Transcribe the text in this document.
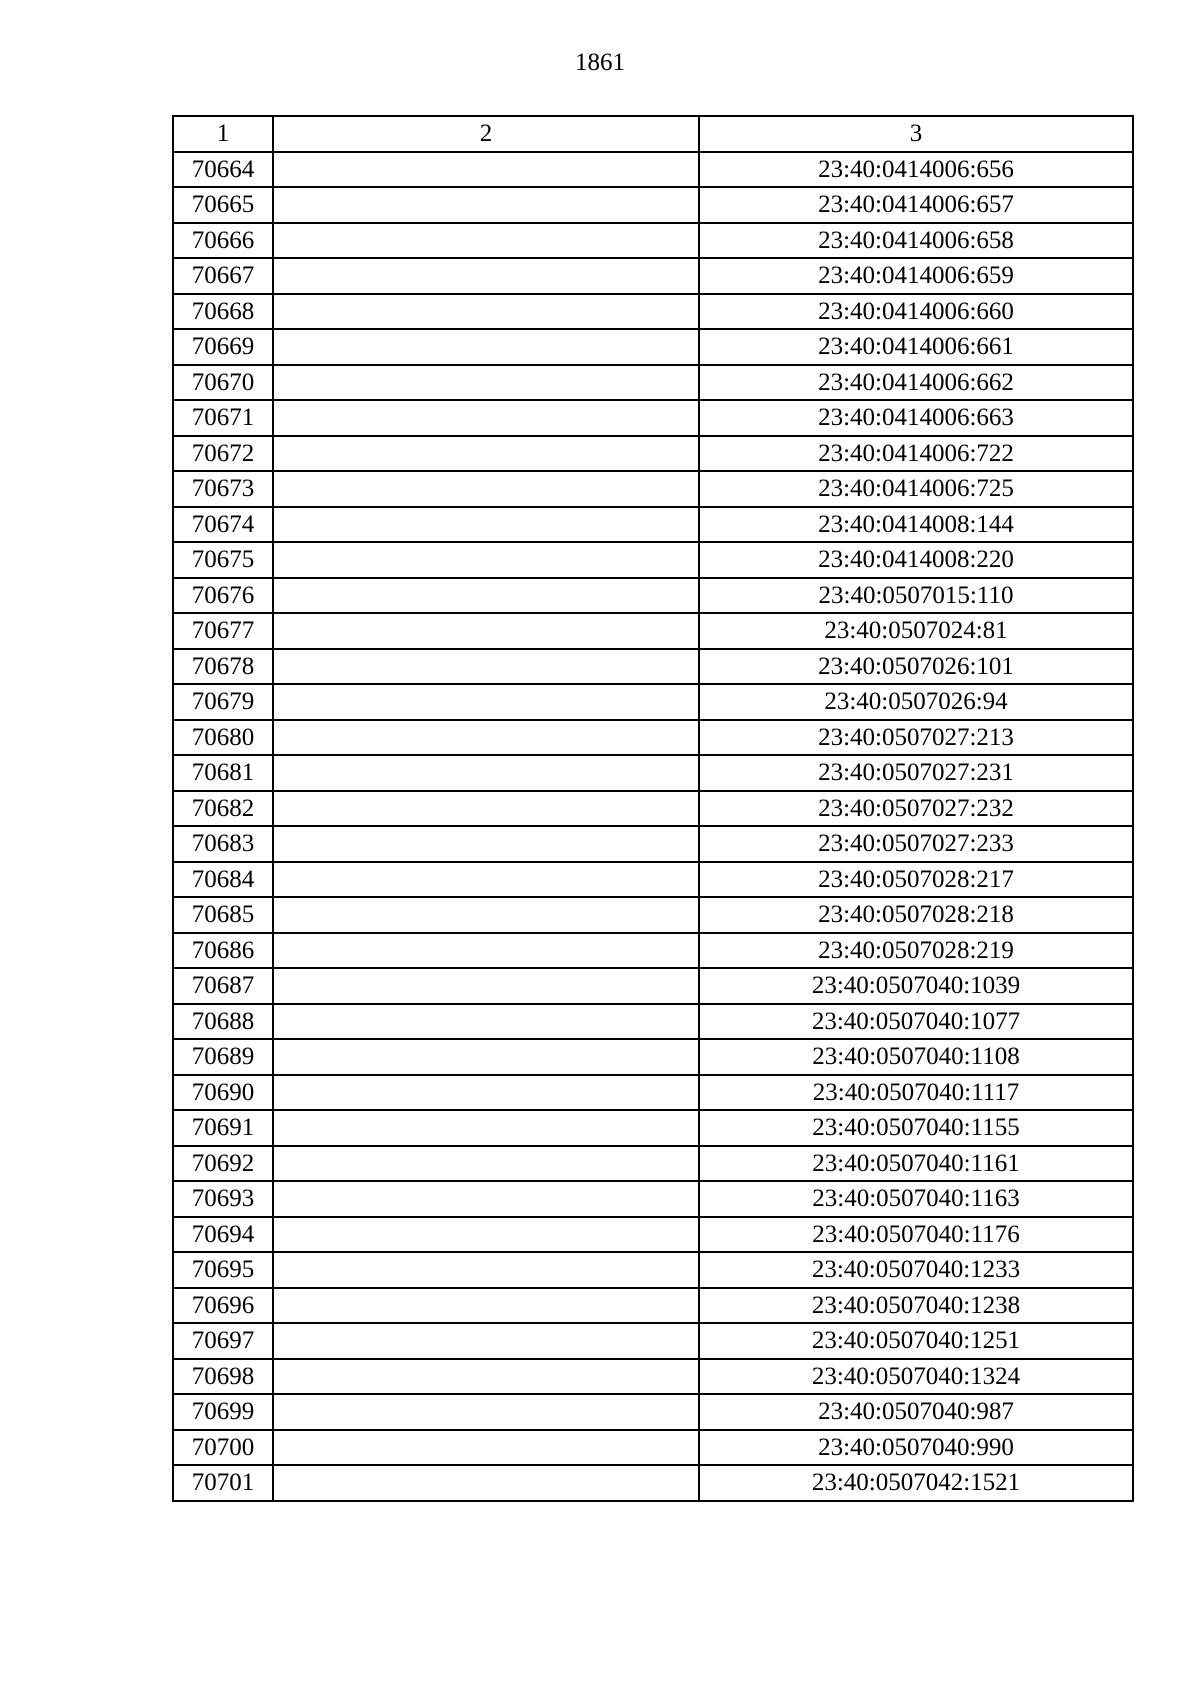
1861
1	2	3
70664		23:40:0414006:656
70665		23:40:0414006:657
70666		23:40:0414006:658
70667		23:40:0414006:659
70668		23:40:0414006:660
70669		23:40:0414006:661
70670		23:40:0414006:662
70671		23:40:0414006:663
70672		23:40:0414006:722
70673		23:40:0414006:725
70674		23:40:0414008:144
70675		23:40:0414008:220
70676		23:40:0507015:110
70677		23:40:0507024:81
70678		23:40:0507026:101
70679		23:40:0507026:94
70680		23:40:0507027:213
70681		23:40:0507027:231
70682		23:40:0507027:232
70683		23:40:0507027:233
70684		23:40:0507028:217
70685		23:40:0507028:218
70686		23:40:0507028:219
70687		23:40:0507040:1039
70688		23:40:0507040:1077
70689		23:40:0507040:1108
70690		23:40:0507040:1117
70691		23:40:0507040:1155
70692		23:40:0507040:1161
70693		23:40:0507040:1163
70694		23:40:0507040:1176
70695		23:40:0507040:1233
70696		23:40:0507040:1238
70697		23:40:0507040:1251
70698		23:40:0507040:1324
70699		23:40:0507040:987
70700		23:40:0507040:990
70701		23:40:0507042:1521
